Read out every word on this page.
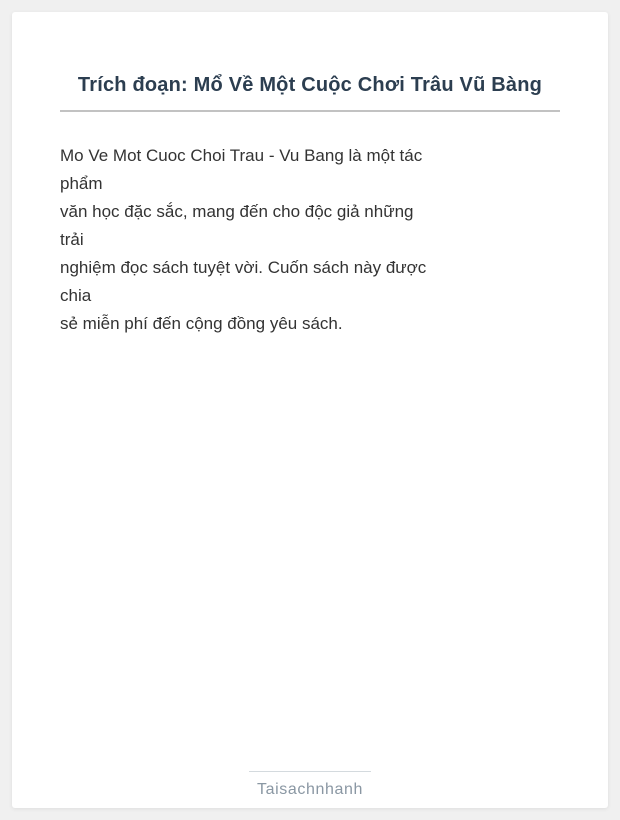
Trích đoạn: Mổ Về Một Cuộc Chơi Trâu Vũ Bàng
Mo Ve Mot Cuoc Choi Trau - Vu Bang là một tác
phẩm
văn học đặc sắc, mang đến cho độc giả những
trải
nghiệm đọc sách tuyệt vời. Cuốn sách này được
chia
sẻ miễn phí đến cộng đồng yêu sách.
Taisachnhanh
